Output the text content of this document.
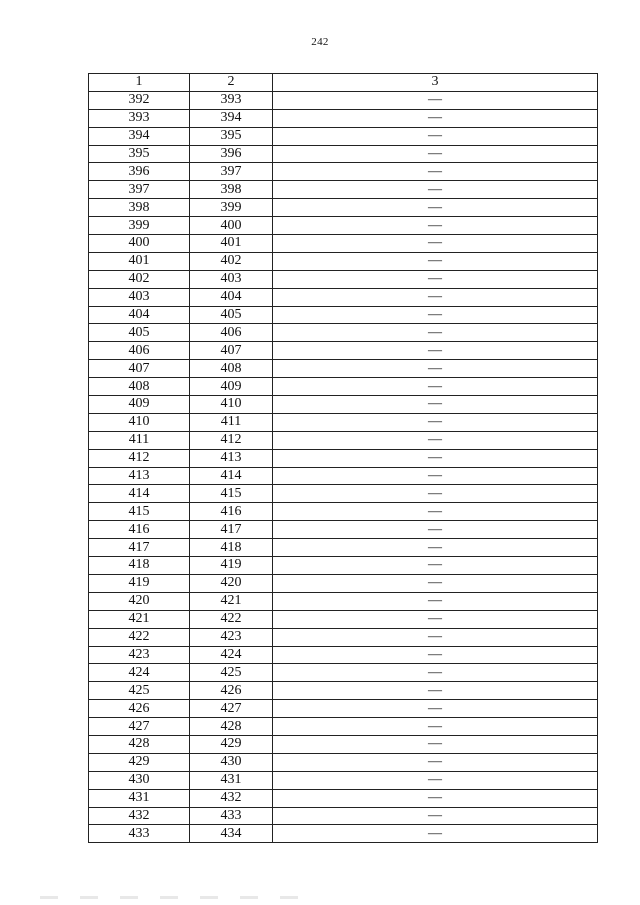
242
1	2	3
392	393	—
393	394	—
394	395	—
395	396	—
396	397	—
397	398	—
398	399	—
399	400	—
400	401	—
401	402	—
402	403	—
403	404	—
404	405	—
405	406	—
406	407	—
407	408	—
408	409	—
409	410	—
410	411	—
411	412	—
412	413	—
413	414	—
414	415	—
415	416	—
416	417	—
417	418	—
418	419	—
419	420	—
420	421	—
421	422	—
422	423	—
423	424	—
424	425	—
425	426	—
426	427	—
427	428	—
428	429	—
429	430	—
430	431	—
431	432	—
432	433	—
433	434	—
